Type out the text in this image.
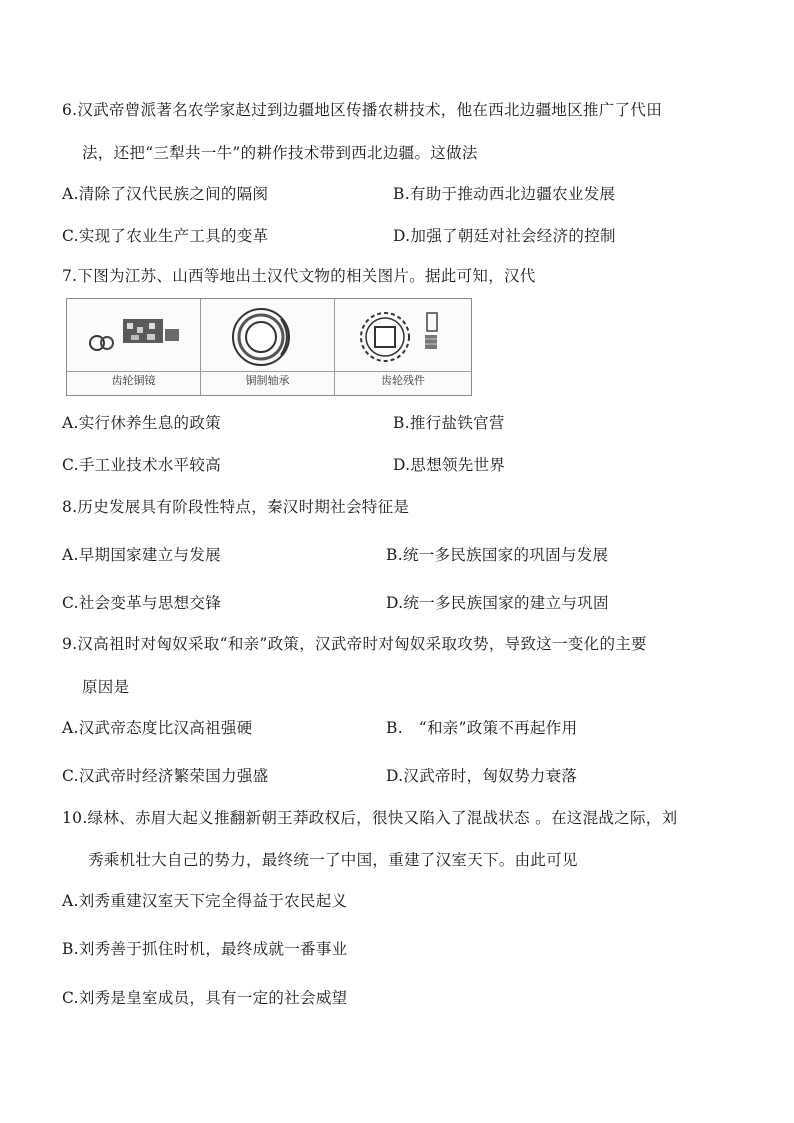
6.汉武帝曾派著名农学家赵过到边疆地区传播农耕技术，他在西北边疆地区推广了代田
法，还把“三犁共一牛”的耕作技术带到西北边疆。这做法
A.清除了汉代民族之间的隔阂	B.有助于推动西北边疆农业发展
C.实现了农业生产工具的变革	D.加强了朝廷对社会经济的控制
7.下图为江苏、山西等地出土汉代文物的相关图片。据此可知，汉代
齿轮铜镜	铜制轴承	齿轮残件
A.实行休养生息的政策	B.推行盐铁官营
C.手工业技术水平较高	D.思想领先世界
8.历史发展具有阶段性特点，秦汉时期社会特征是
A.早期国家建立与发展	B.统一多民族国家的巩固与发展
C.社会变革与思想交锋	D.统一多民族国家的建立与巩固
9.汉高祖时对匈奴采取“和亲”政策，汉武帝时对匈奴采取攻势，导致这一变化的主要
原因是
A.汉武帝态度比汉高祖强硬	B.　“和亲”政策不再起作用
C.汉武帝时经济繁荣国力强盛	D.汉武帝时，匈奴势力衰落
10.绿林、赤眉大起义推翻新朝王莽政权后，很快又陷入了混战状态 。在这混战之际，刘
秀乘机壮大自己的势力，最终统一了中国，重建了汉室天下。由此可见
A.刘秀重建汉室天下完全得益于农民起义
B.刘秀善于抓住时机，最终成就一番事业
C.刘秀是皇室成员，具有一定的社会威望
